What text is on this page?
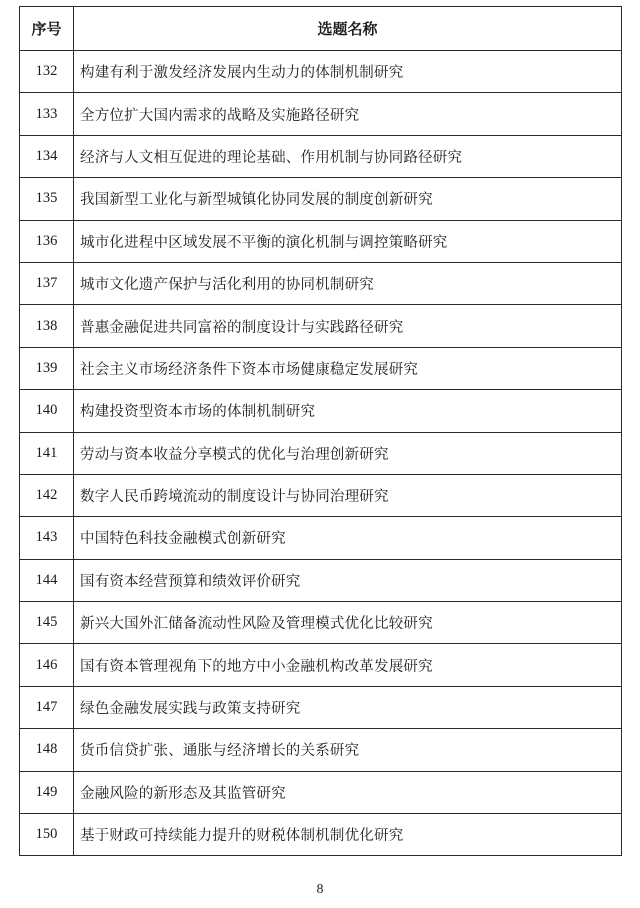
序号	选题名称
132	构建有利于激发经济发展内生动力的体制机制研究
133	全方位扩大国内需求的战略及实施路径研究
134	经济与人文相互促进的理论基础、作用机制与协同路径研究
135	我国新型工业化与新型城镇化协同发展的制度创新研究
136	城市化进程中区域发展不平衡的演化机制与调控策略研究
137	城市文化遗产保护与活化利用的协同机制研究
138	普惠金融促进共同富裕的制度设计与实践路径研究
139	社会主义市场经济条件下资本市场健康稳定发展研究
140	构建投资型资本市场的体制机制研究
141	劳动与资本收益分享模式的优化与治理创新研究
142	数字人民币跨境流动的制度设计与协同治理研究
143	中国特色科技金融模式创新研究
144	国有资本经营预算和绩效评价研究
145	新兴大国外汇储备流动性风险及管理模式优化比较研究
146	国有资本管理视角下的地方中小金融机构改革发展研究
147	绿色金融发展实践与政策支持研究
148	货币信贷扩张、通胀与经济增长的关系研究
149	金融风险的新形态及其监管研究
150	基于财政可持续能力提升的财税体制机制优化研究
8
